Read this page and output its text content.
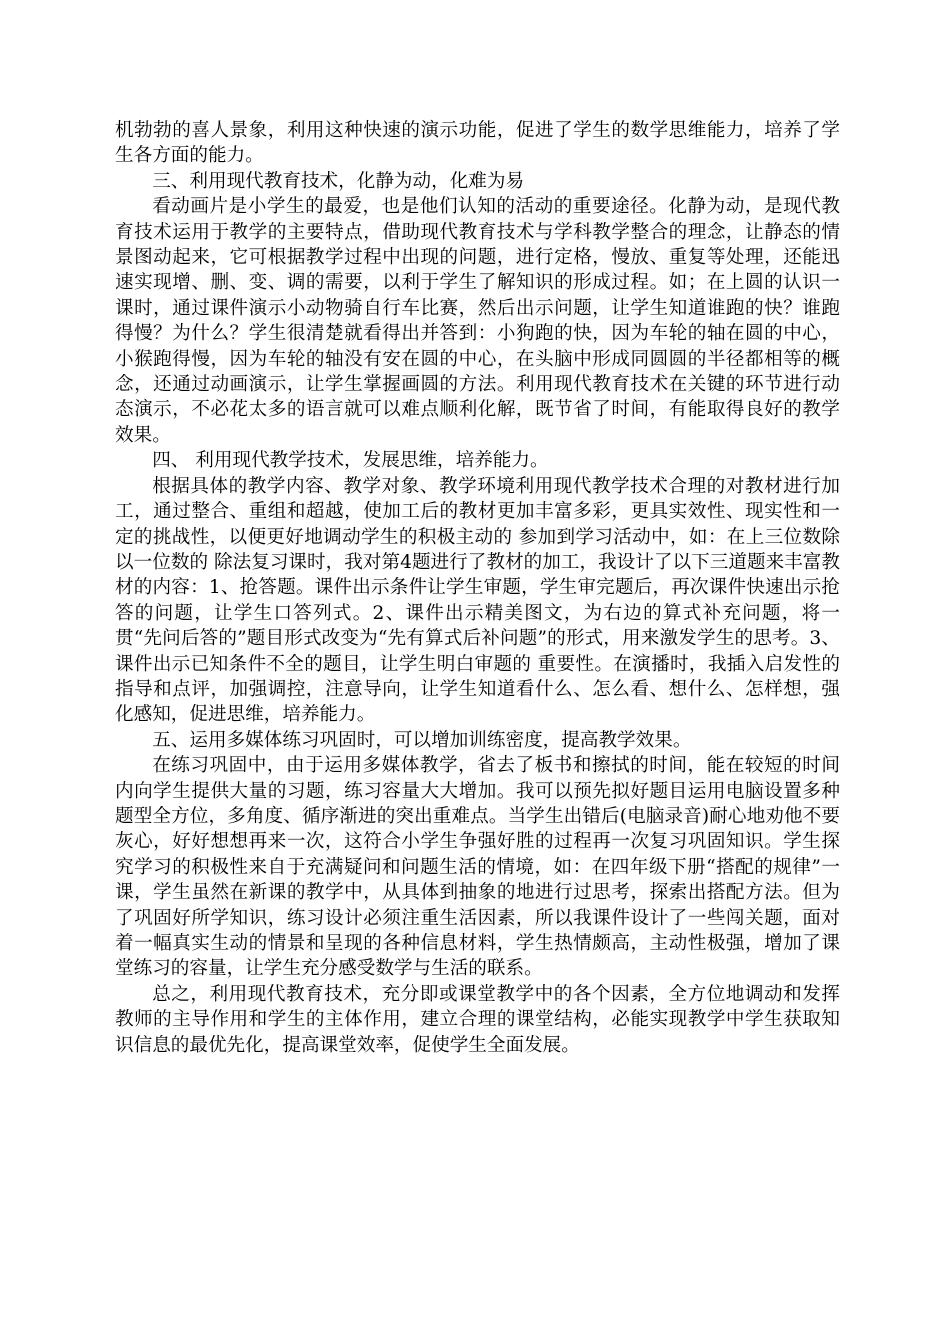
机勃勃的喜人景象，利用这种快速的演示功能，促进了学生的数学思维能力，培养了学生各方面的能力。

三、利用现代教育技术，化静为动，化难为易

看动画片是小学生的最爱，也是他们认知的活动的重要途径。化静为动，是现代教育技术运用于教学的主要特点，借助现代教育技术与学科教学整合的理念，让静态的情景图动起来，它可根据教学过程中出现的问题，进行定格，慢放、重复等处理，还能迅速实现增、删、变、调的需要，以利于学生了解知识的形成过程。如；在上圆的认识一课时，通过课件演示小动物骑自行车比赛，然后出示问题，让学生知道谁跑的快？谁跑得慢？为什么？学生很清楚就看得出并答到：小狗跑的快，因为车轮的轴在圆的中心，小猴跑得慢，因为车轮的轴没有安在圆的中心，在头脑中形成同圆圆的半径都相等的概念，还通过动画演示，让学生掌握画圆的方法。利用现代教育技术在关键的环节进行动态演示，不必花太多的语言就可以难点顺利化解，既节省了时间，有能取得良好的教学效果。

四、 利用现代教学技术，发展思维，培养能力。

根据具体的教学内容、教学对象、教学环境利用现代教学技术合理的对教材进行加工，通过整合、重组和超越，使加工后的教材更加丰富多彩，更具实效性、现实性和一定的挑战性，以便更好地调动学生的积极主动的 参加到学习活动中，如：在上三位数除以一位数的 除法复习课时，我对第4题进行了教材的加工，我设计了以下三道题来丰富教材的内容：1、抢答题。课件出示条件让学生审题，学生审完题后，再次课件快速出示抢答的问题，让学生口答列式。2、课件出示精美图文，为右边的算式补充问题，将一贯“先问后答的”题目形式改变为“先有算式后补问题”的形式，用来激发学生的思考。3、课件出示已知条件不全的题目，让学生明白审题的 重要性。在演播时，我插入启发性的指导和点评，加强调控，注意导向，让学生知道看什么、怎么看、想什么、怎样想，强化感知，促进思维，培养能力。

五、运用多媒体练习巩固时，可以增加训练密度，提高教学效果。

在练习巩固中，由于运用多媒体教学，省去了板书和擦拭的时间，能在较短的时间内向学生提供大量的习题，练习容量大大增加。我可以预先拟好题目运用电脑设置多种题型全方位，多角度、循序渐进的突出重难点。当学生出错后(电脑录音)耐心地劝他不要灰心，好好想想再来一次，这符合小学生争强好胜的过程再一次复习巩固知识。学生探究学习的积极性来自于充满疑问和问题生活的情境，如：在四年级下册“搭配的规律”一课，学生虽然在新课的教学中，从具体到抽象的地进行过思考，探索出搭配方法。但为了巩固好所学知识，练习设计必须注重生活因素，所以我课件设计了一些闯关题，面对着一幅真实生动的情景和呈现的各种信息材料，学生热情颇高，主动性极强，增加了课堂练习的容量，让学生充分感受数学与生活的联系。

总之，利用现代教育技术，充分即或课堂教学中的各个因素，全方位地调动和发挥教师的主导作用和学生的主体作用，建立合理的课堂结构，必能实现教学中学生获取知识信息的最优先化，提高课堂效率，促使学生全面发展。
